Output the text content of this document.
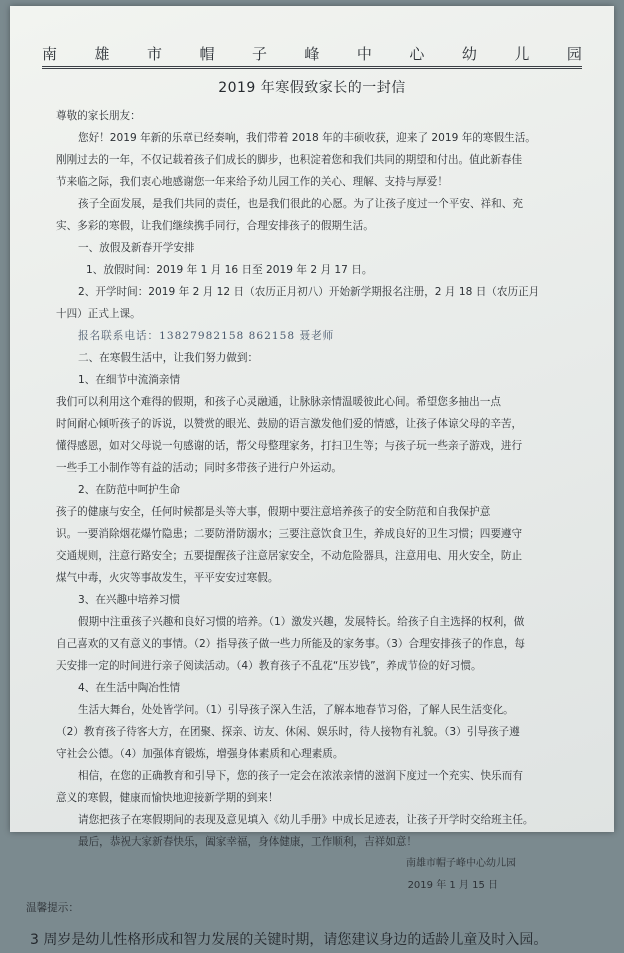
南 雄 市 帽 子 峰 中 心 幼 儿 园
2019 年寒假致家长的一封信

尊敬的家长朋友：

您好！2019 年新的乐章已经奏响，我们带着 2018 年的丰硕收获，迎来了 2019 年的寒假生活。

刚刚过去的一年，不仅记载着孩子们成长的脚步，也积淀着您和我们共同的期望和付出。值此新春佳

节来临之际，我们衷心地感谢您一年来给予幼儿园工作的关心、理解、支持与厚爱！

孩子全面发展，是我们共同的责任，也是我们很此的心愿。为了让孩子度过一个平安、祥和、充

实、多彩的寒假，让我们继续携手同行，合理安排孩子的假期生活。

一、放假及新春开学安排

1、放假时间：2019 年 1 月 16 日至 2019 年 2 月 17 日。

2、开学时间：2019 年 2 月 12 日（农历正月初八）开始新学期报名注册，2 月 18 日（农历正月

十四）正式上课。

报名联系电话：13827982158 862158 聂老师

二、在寒假生活中，让我们努力做到：

1、在细节中流淌亲情

我们可以利用这个难得的假期，和孩子心灵融通，让脉脉亲情温暖彼此心间。希望您多抽出一点

时间耐心倾听孩子的诉说，以赞赏的眼光、鼓励的语言激发他们爱的情感，让孩子体谅父母的辛苦，

懂得感恩，如对父母说一句感谢的话，帮父母整理家务，打扫卫生等；与孩子玩一些亲子游戏，进行

一些手工小制作等有益的活动；同时多带孩子进行户外运动。

2、在防范中呵护生命

孩子的健康与安全，任何时候都是头等大事，假期中要注意培养孩子的安全防范和自我保护意

识。一要消除烟花爆竹隐患；二要防滑防溺水；三要注意饮食卫生，养成良好的卫生习惯；四要遵守

交通规则，注意行路安全；五要提醒孩子注意居家安全，不动危险器具，注意用电、用火安全，防止

煤气中毒，火灾等事故发生，平平安安过寒假。

3、在兴趣中培养习惯

假期中注重孩子兴趣和良好习惯的培养。（1）激发兴趣，发展特长。给孩子自主选择的权利，做

自己喜欢的又有意义的事情。（2）指导孩子做一些力所能及的家务事。（3）合理安排孩子的作息，每

天安排一定的时间进行亲子阅读活动。（4）教育孩子不乱花“压岁钱”，养成节俭的好习惯。

4、在生活中陶冶性情

生活大舞台，处处皆学问。（1）引导孩子深入生活，了解本地春节习俗，了解人民生活变化。

（2）教育孩子待客大方，在团聚、探亲、访友、休闲、娱乐时，待人接物有礼貌。（3）引导孩子遵

守社会公德。（4）加强体育锻炼，增强身体素质和心理素质。

相信，在您的正确教育和引导下，您的孩子一定会在浓浓亲情的滋润下度过一个充实、快乐而有

意义的寒假，健康而愉快地迎接新学期的到来！

请您把孩子在寒假期间的表现及意见填入《幼儿手册》中成长足迹表，让孩子开学时交给班主任。

最后，恭祝大家新春快乐，阖家幸福，身体健康，工作顺利，吉祥如意！

南雄市帽子峰中心幼儿园

2019 年 1 月 15 日

温馨提示：

3 周岁是幼儿性格形成和智力发展的关键时期，请您建议身边的适龄儿童及时入园。
